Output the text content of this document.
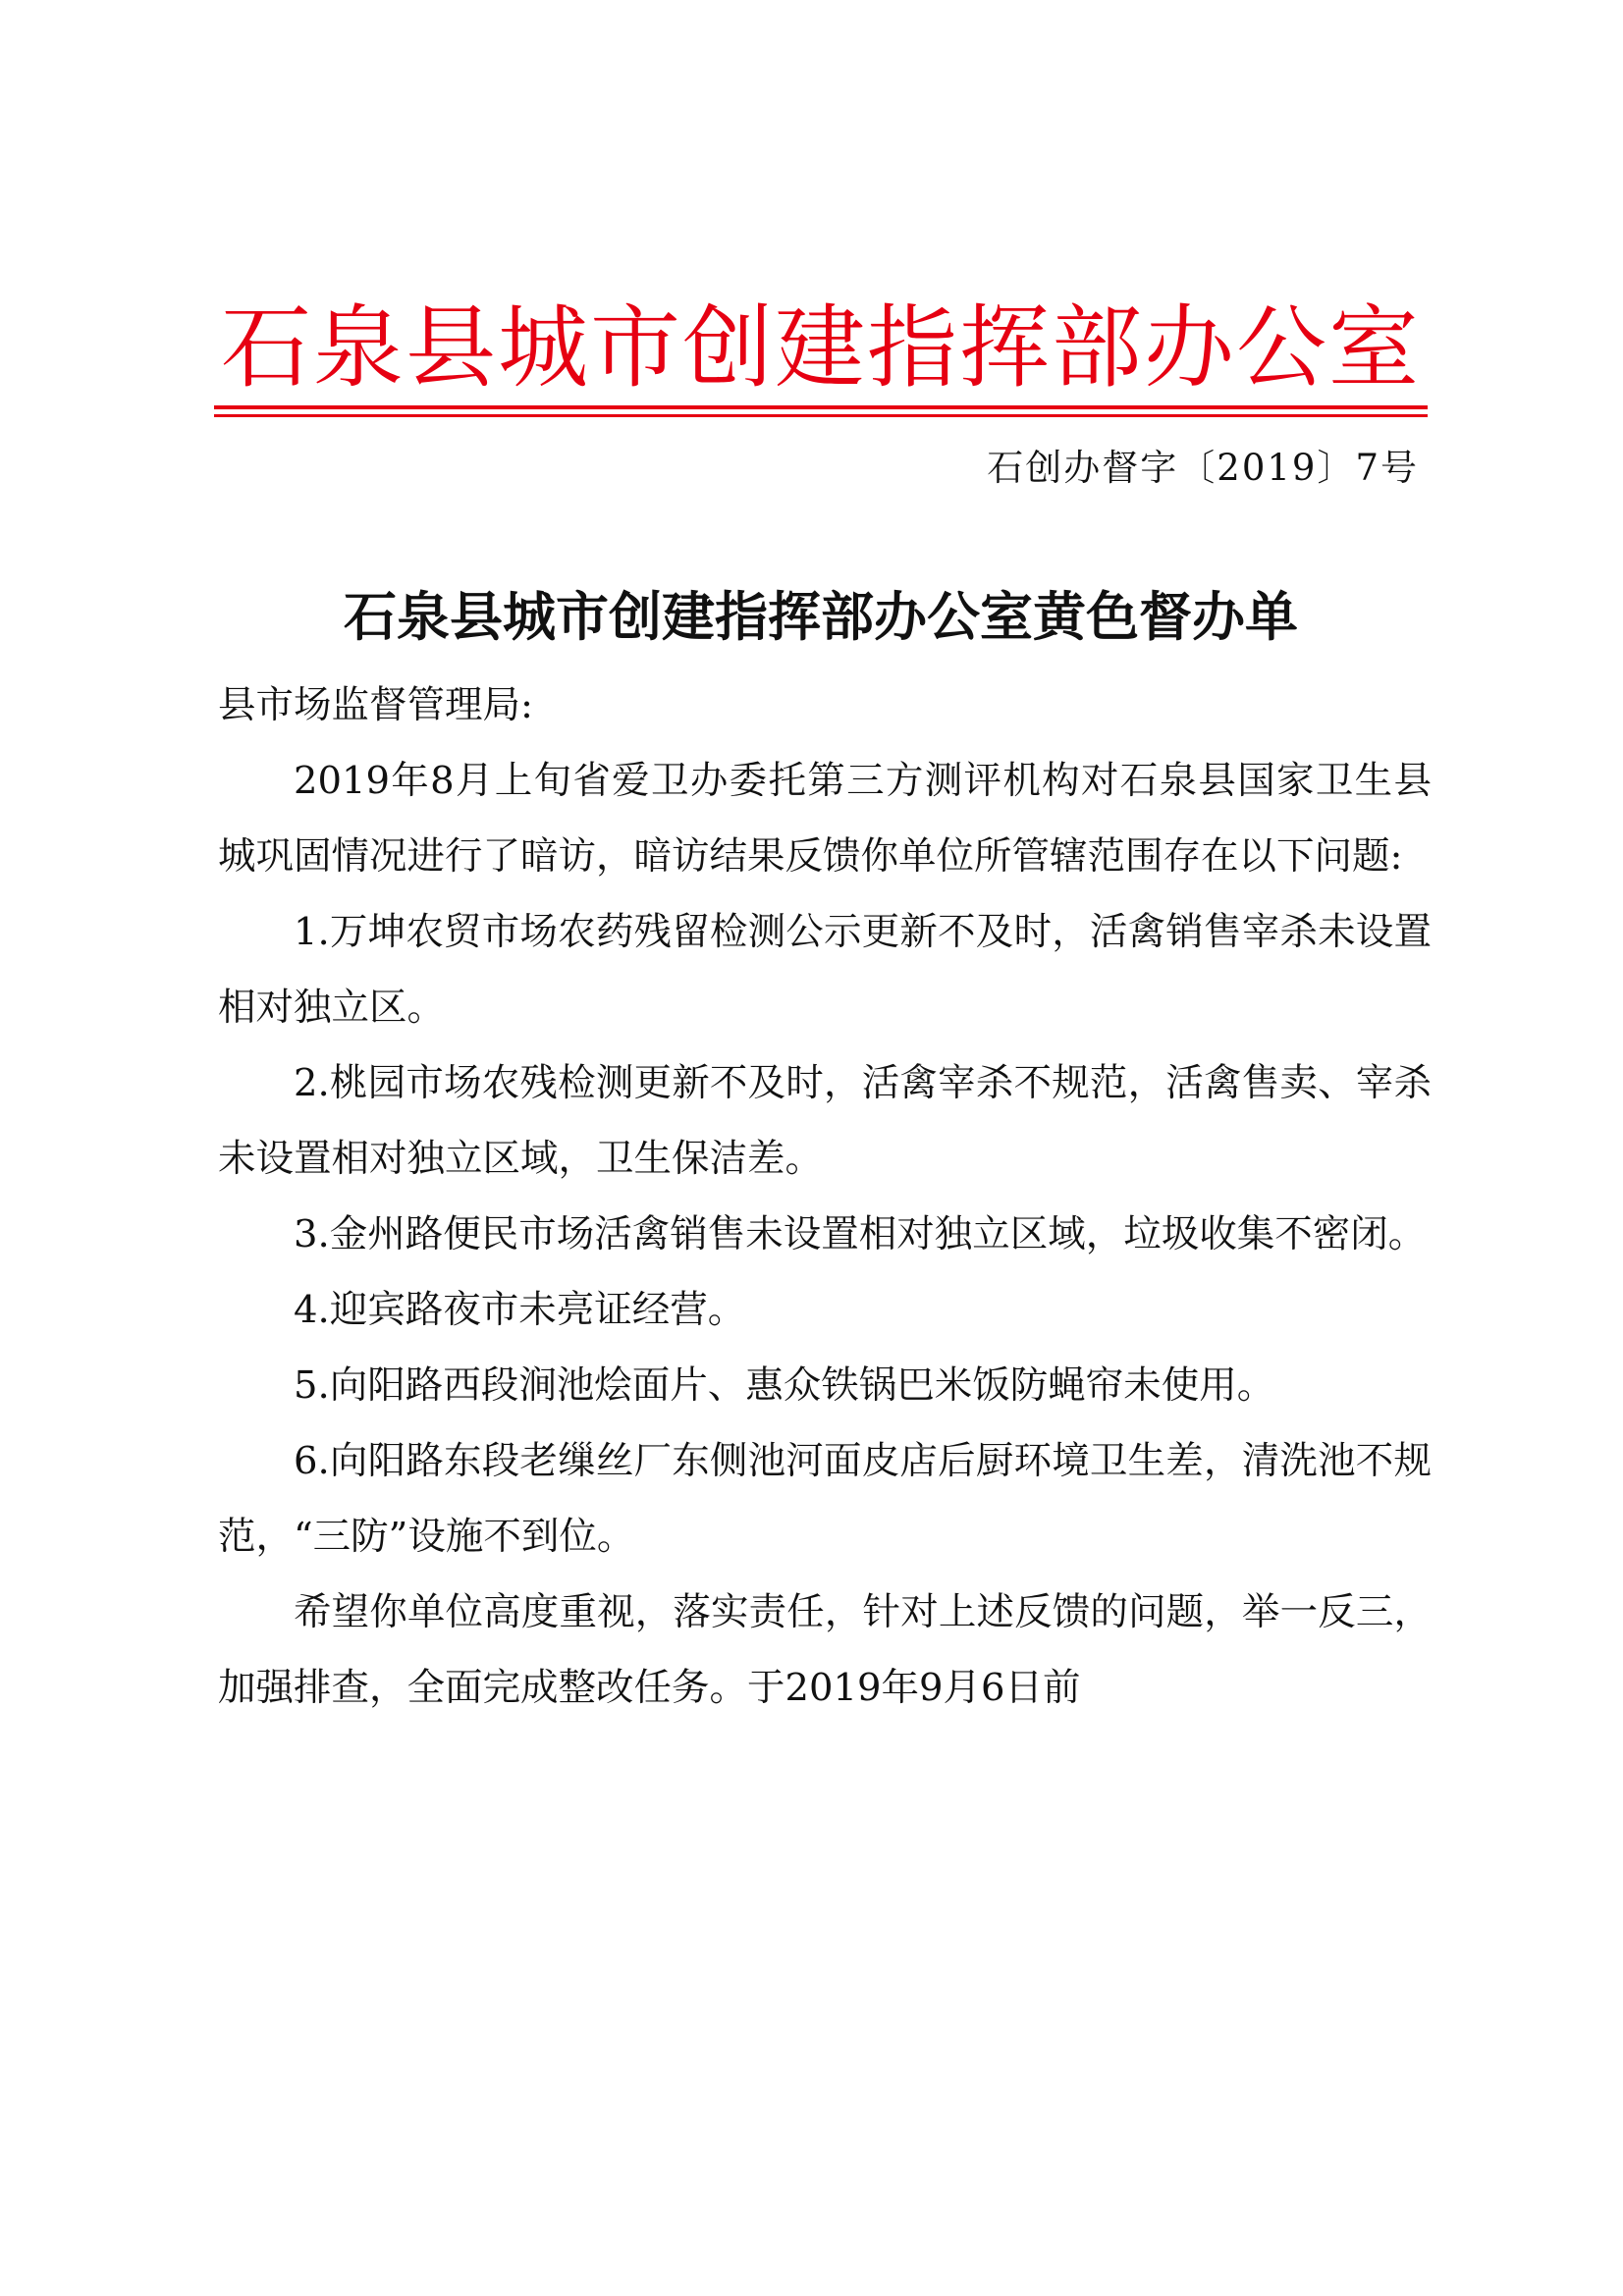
石泉县城市创建指挥部办公室
石创办督字〔2019〕7号
石泉县城市创建指挥部办公室黄色督办单

县市场监督管理局:

2019年8月上旬省爱卫办委托第三方测评机构对石泉县国家卫生县城巩固情况进行了暗访，暗访结果反馈你单位所管辖范围存在以下问题:

1.万坤农贸市场农药残留检测公示更新不及时，活禽销售宰杀未设置相对独立区。

2.桃园市场农残检测更新不及时，活禽宰杀不规范，活禽售卖、宰杀未设置相对独立区域，卫生保洁差。

3.金州路便民市场活禽销售未设置相对独立区域，垃圾收集不密闭。

4.迎宾路夜市未亮证经营。

5.向阳路西段涧池烩面片、惠众铁锅巴米饭防蝇帘未使用。

6.向阳路东段老缫丝厂东侧池河面皮店后厨环境卫生差，清洗池不规范，“三防”设施不到位。

希望你单位高度重视，落实责任，针对上述反馈的问题，举一反三，加强排查，全面完成整改任务。于2019年9月6日前
